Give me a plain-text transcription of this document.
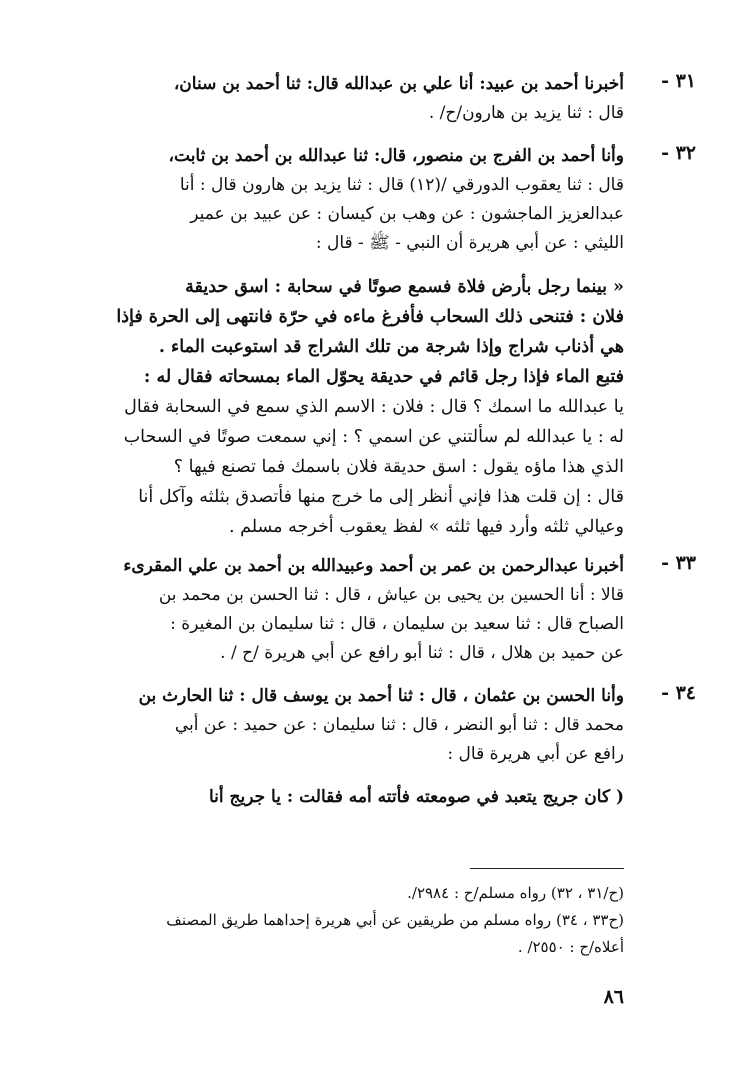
٣١ -
أخبرنا أحمد بن عبيد: أنا علي بن عبدالله قال: ثنا أحمد بن سنان،
قال : ثنا يزيد بن هارون/ح/ .
٣٢ -
وأنا أحمد بن الفرج بن منصور، قال: ثنا عبدالله بن أحمد بن ثابت،
قال : ثنا يعقوب الدورقي /(١٢) قال : ثنا يزيد بن هارون قال : أنا
عبدالعزيز الماجشون : عن وهب بن كيسان : عن عبيد بن عمير
الليثي : عن أبي هريرة أن النبي - ﷺ - قال :
« بينما رجل بأرض فلاة فسمع صوتًا في سحابة : اسق حديقة
فلان : فتنحى ذلك السحاب فأفرغ ماءه في حرّة فانتهى إلى الحرة فإذا
هي أذناب شراج وإذا شرجة من تلك الشراج قد استوعبت الماء .
فتبع الماء فإذا رجل قائم في حديقة يحوّل الماء بمسحاته فقال له :
يا عبدالله ما اسمك ؟ قال : فلان : الاسم الذي سمع في السحابة فقال
له : يا عبدالله لم سألتني عن اسمي ؟ : إني سمعت صوتًا في السحاب
الذي هذا ماؤه يقول : اسق حديقة فلان باسمك فما تصنع فيها ؟
قال : إن قلت هذا فإني أنظر إلى ما خرج منها فأتصدق بثلثه وآكل أنا
وعيالي ثلثه وأرد فيها ثلثه » لفظ يعقوب أخرجه مسلم .
٣٣ -
أخبرنا عبدالرحمن بن عمر بن أحمد وعبيدالله بن أحمد بن علي المقرىء
قالا : أنا الحسين بن يحيى بن عياش ، قال : ثنا الحسن بن محمد بن
الصباح قال : ثنا سعيد بن سليمان ، قال : ثنا سليمان بن المغيرة :
عن حميد بن هلال ، قال : ثنا أبو رافع عن أبي هريرة /ح / .
٣٤ -
وأنا الحسن بن عثمان ، قال : ثنا أحمد بن يوسف قال : ثنا الحارث بن
محمد قال : ثنا أبو النضر ، قال : ثنا سليمان : عن حميد : عن أبي
رافع عن أبي هريرة قال :
( كان جريج يتعبد في صومعته فأتته أمه فقالت : يا جريج أنا
(ح/٣١ ، ٣٢) رواه مسلم/ح : ٢٩٨٤/.
(ح٣٣ ، ٣٤) رواه مسلم من طريقين عن أبي هريرة إحداهما طريق المصنف
أعلاه/ح : ٢٥٥٠/ .
٨٦
